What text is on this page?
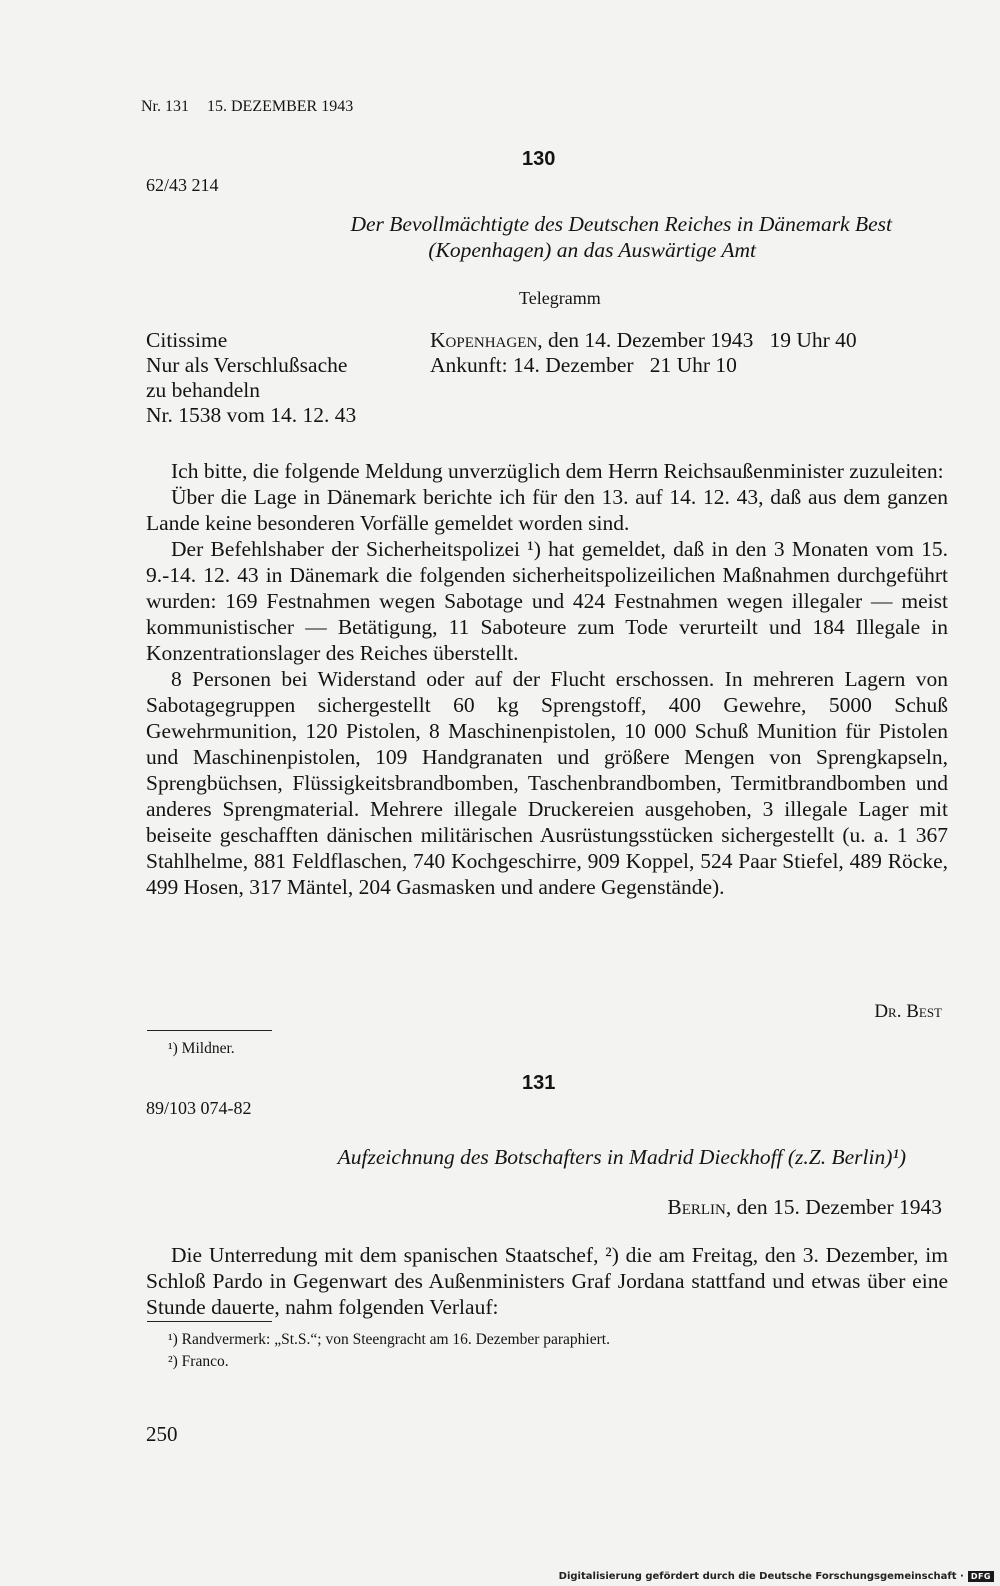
Nr. 131 15. DEZEMBER 1943
130
62/43 214
Der Bevollmächtigte des Deutschen Reiches in Dänemark Best
(Kopenhagen) an das Auswärtige Amt
Telegramm
Citissime
Nur als Verschlußsache
zu behandeln
Nr. 1538 vom 14. 12. 43
Kopenhagen, den 14. Dezember 1943   19 Uhr 40
Ankunft: 14. Dezember   21 Uhr 10

Ich bitte, die folgende Meldung unverzüglich dem Herrn Reichsaußenminister zuzuleiten:

Über die Lage in Dänemark berichte ich für den 13. auf 14. 12. 43, daß aus dem ganzen Lande keine besonderen Vorfälle gemeldet worden sind.

Der Befehlshaber der Sicherheitspolizei ¹) hat gemeldet, daß in den 3 Monaten vom 15. 9.-14. 12. 43 in Dänemark die folgenden sicherheitspolizeilichen Maßnahmen durchgeführt wurden: 169 Festnahmen wegen Sabotage und 424 Festnahmen wegen illegaler — meist kommunistischer — Betätigung, 11 Saboteure zum Tode verurteilt und 184 Illegale in Konzentrationslager des Reiches überstellt.

8 Personen bei Widerstand oder auf der Flucht erschossen. In mehreren Lagern von Sabotagegruppen sichergestellt 60 kg Sprengstoff, 400 Gewehre, 5000 Schuß Gewehrmunition, 120 Pistolen, 8 Maschinenpistolen, 10 000 Schuß Munition für Pistolen und Maschinenpistolen, 109 Handgranaten und größere Mengen von Sprengkapseln, Sprengbüchsen, Flüssigkeitsbrandbomben, Taschenbrandbomben, Termitbrandbomben und anderes Sprengmaterial. Mehrere illegale Druckereien ausgehoben, 3 illegale Lager mit beiseite geschafften dänischen militärischen Ausrüstungsstücken sichergestellt (u. a. 1 367 Stahlhelme, 881 Feldflaschen, 740 Kochgeschirre, 909 Koppel, 524 Paar Stiefel, 489 Röcke, 499 Hosen, 317 Mäntel, 204 Gasmasken und andere Gegenstände).

Dr. Best
¹) Mildner.
131
89/103 074-82
Aufzeichnung des Botschafters in Madrid Dieckhoff (z.Z. Berlin)¹)
Berlin, den 15. Dezember 1943

Die Unterredung mit dem spanischen Staatschef, ²) die am Freitag, den 3. Dezember, im Schloß Pardo in Gegenwart des Außenministers Graf Jordana stattfand und etwas über eine Stunde dauerte, nahm folgenden Verlauf:

¹) Randvermerk: „St.S.“; von Steengracht am 16. Dezember paraphiert.
²) Franco.
250
Digitalisierung gefördert durch die Deutsche Forschungsgemeinschaft · DFG
